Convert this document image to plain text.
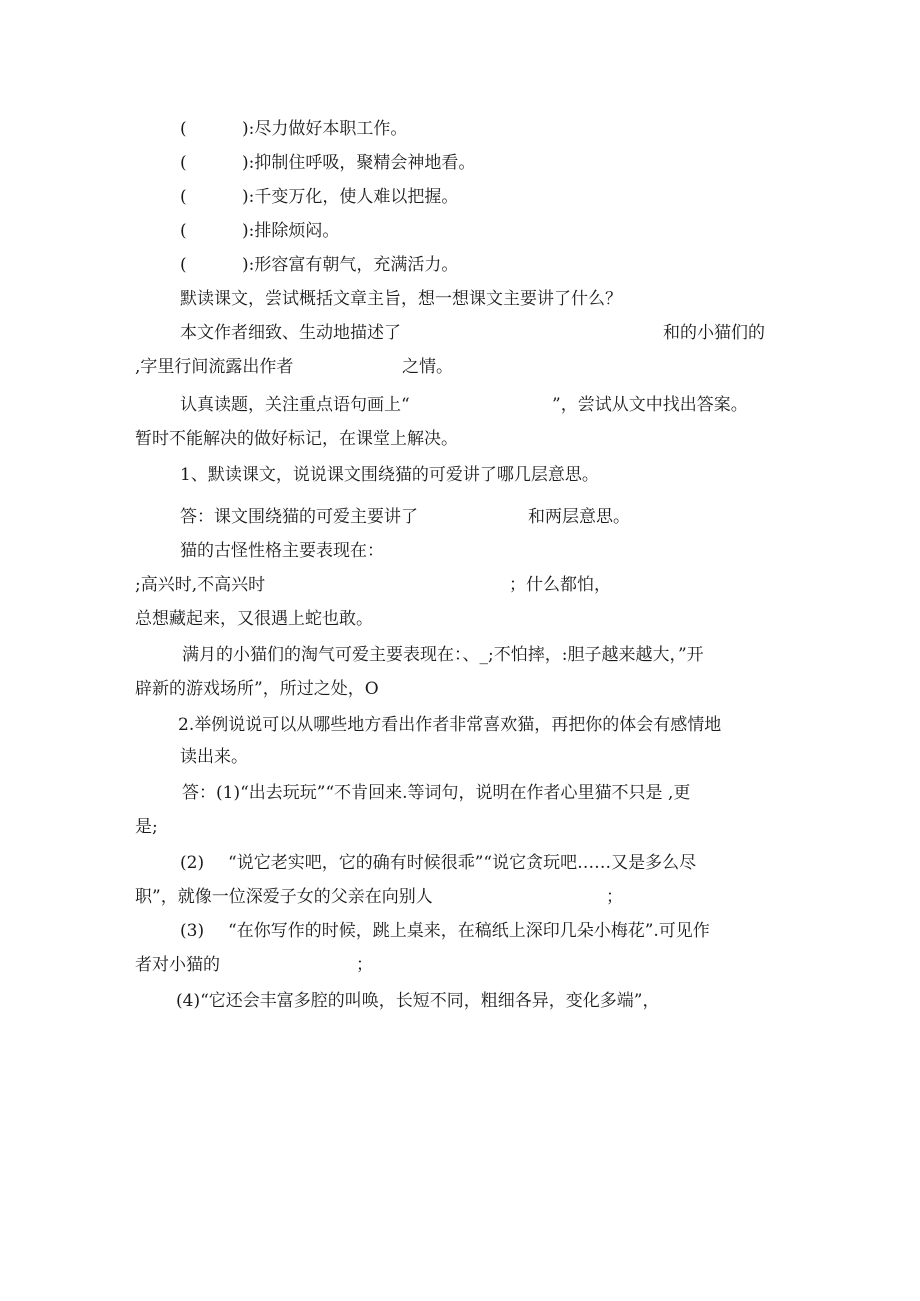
(	):尽力做好本职工作。
(	):抑制住呼吸，聚精会神地看。
(	):千变万化，使人难以把握。
(	):排除烦闷。
(	):形容富有朝气，充满活力。
默读课文，尝试概括文章主旨，想一想课文主要讲了什么？
本文作者细致、生动地描述了	和的小猫们的
,字里行间流露出作者	之情。
认真读题，关注重点语句画上“	”，尝试从文中找出答案。
暂时不能解决的做好标记，在课堂上解决。
1、默读课文，说说课文围绕猫的可爱讲了哪几层意思。
答：课文围绕猫的可爱主要讲了	和两层意思。
猫的古怪性格主要表现在：
;高兴时,不高兴时	；什么都怕，
总想藏起来，又很遇上蛇也敢。
满月的小猫们的淘气可爱主要表现在：、_;不怕摔，:胆子越来越大，”开
辟新的游戏场所”，所过之处，O
2.举例说说可以从哪些地方看出作者非常喜欢猫，再把你的体会有感情地
读出来。
答：(1)“出去玩玩”“不肯回来.等词句，说明在作者心里猫不只是 ,更
是;
(2) “说它老实吧，它的确有时候很乖”“说它贪玩吧……又是多么尽
职”，就像一位深爱子女的父亲在向别人	；
(3) “在你写作的时候，跳上桌来，在稿纸上深印几朵小梅花”.可见作
者对小猫的	；
(4)“它还会丰富多腔的叫唤，长短不同，粗细各异，变化多端”，
